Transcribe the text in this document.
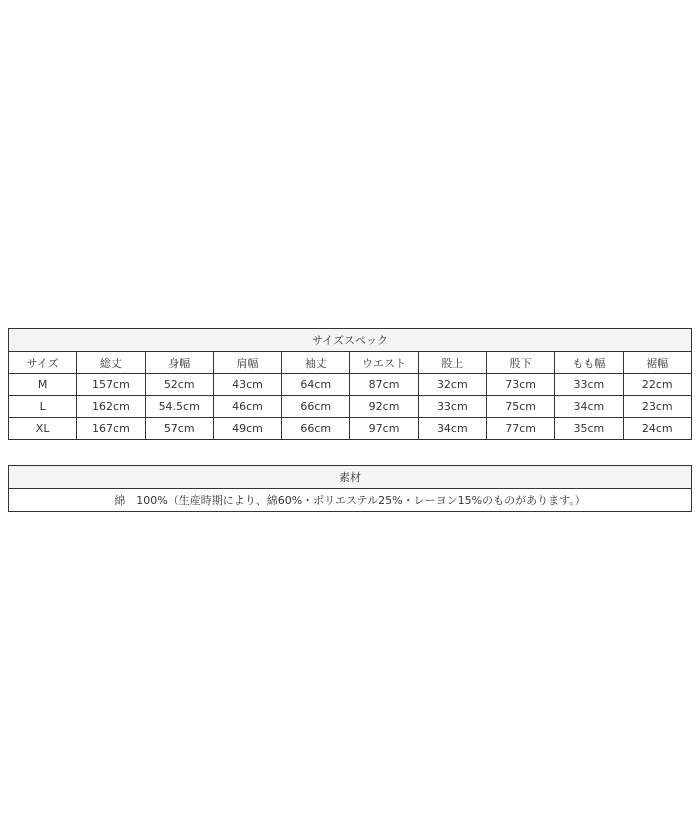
サイズスペック									
サイズ	総丈	身幅	肩幅	袖丈	ウエスト	股上	股下	もも幅	裾幅
M	157cm	52cm	43cm	64cm	87cm	32cm	73cm	33cm	22cm
L	162cm	54.5cm	46cm	66cm	92cm	33cm	75cm	34cm	23cm
XL	167cm	57cm	49cm	66cm	97cm	34cm	77cm	35cm	24cm
素材
綿　100%（生産時期により、綿60%・ポリエステル25%・レーヨン15%のものがあります。）
